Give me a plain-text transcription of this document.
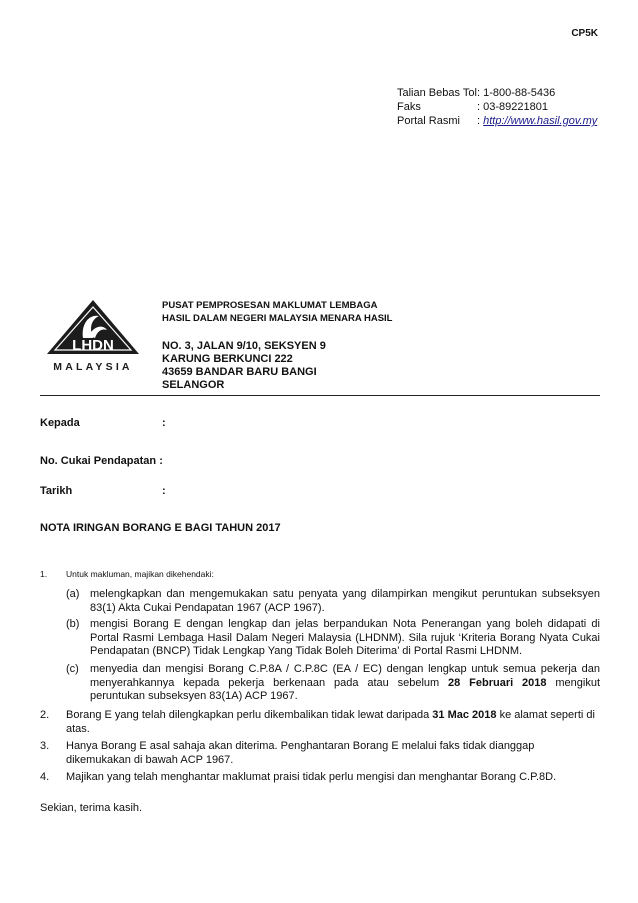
CP5K
Talian Bebas Tol : 1-800-88-5436
Faks	: 03-89221801
Portal Rasmi	: http://www.hasil.gov.my
LHDN
MALAYSIA
PUSAT PEMPROSESAN MAKLUMAT LEMBAGA
HASIL DALAM NEGERI MALAYSIA MENARA HASIL
NO. 3, JALAN 9/10, SEKSYEN 9
KARUNG BERKUNCI 222
43659 BANDAR BARU BANGI
SELANGOR
Kepada	:
No. Cukai Pendapatan :
Tarikh	:
NOTA IRINGAN BORANG E BAGI TAHUN 2017
1.	Untuk makluman, majikan dikehendaki:
(a) melengkapkan dan mengemukakan satu penyata yang dilampirkan mengikut peruntukan subseksyen 83(1) Akta Cukai Pendapatan 1967 (ACP 1967).
(b) mengisi Borang E dengan lengkap dan jelas berpandukan Nota Penerangan yang boleh didapati di Portal Rasmi Lembaga Hasil Dalam Negeri Malaysia (LHDNM). Sila rujuk ‘Kriteria Borang Nyata Cukai Pendapatan (BNCP) Tidak Lengkap Yang Tidak Boleh Diterima’ di Portal Rasmi LHDNM.
(c)	menyedia dan mengisi Borang C.P.8A / C.P.8C (EA / EC) dengan lengkap untuk semua pekerja dan menyerahkannya kepada pekerja berkenaan pada atau sebelum 28 Februari 2018 mengikut peruntukan subseksyen 83(1A) ACP 1967.
2.	Borang E yang telah dilengkapkan perlu dikembalikan tidak lewat daripada 31 Mac 2018 ke alamat seperti di atas.
3.	Hanya Borang E asal sahaja akan diterima. Penghantaran Borang E melalui faks tidak dianggap dikemukakan di bawah ACP 1967.
4.	Majikan yang telah menghantar maklumat praisi tidak perlu mengisi dan menghantar Borang C.P.8D.
Sekian, terima kasih.
